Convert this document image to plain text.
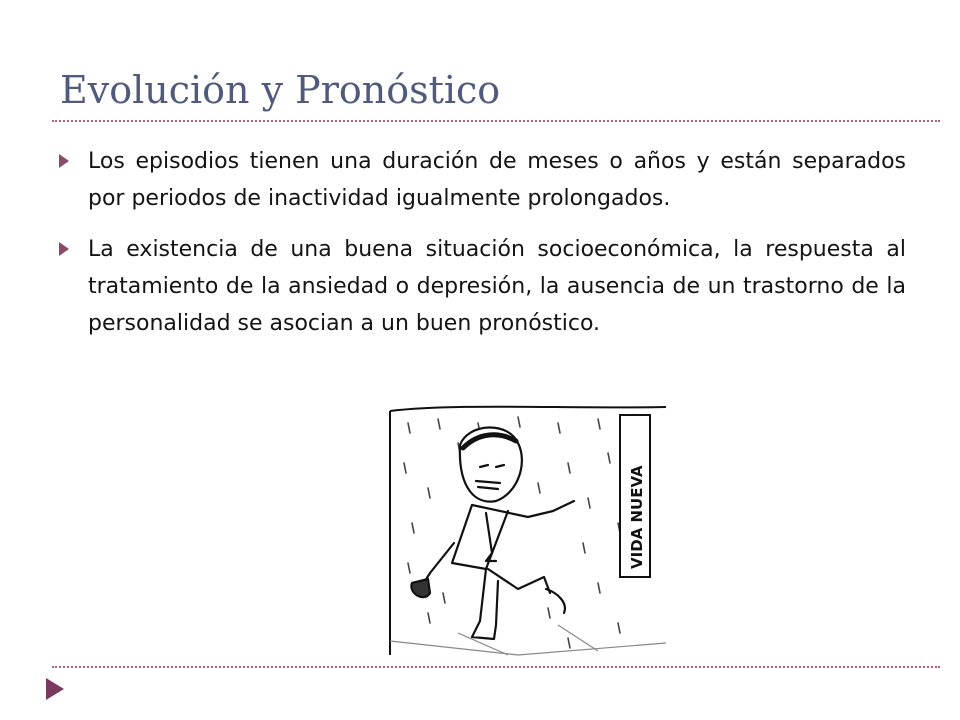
Evolución y Pronóstico
Los episodios tienen una duración de meses o años y están separados por periodos de inactividad igualmente prolongados.
La existencia de una buena situación socioeconómica, la respuesta al tratamiento de la ansiedad o depresión, la ausencia de un trastorno de la personalidad se asocian a un buen pronóstico.
VIDA NUEVA
